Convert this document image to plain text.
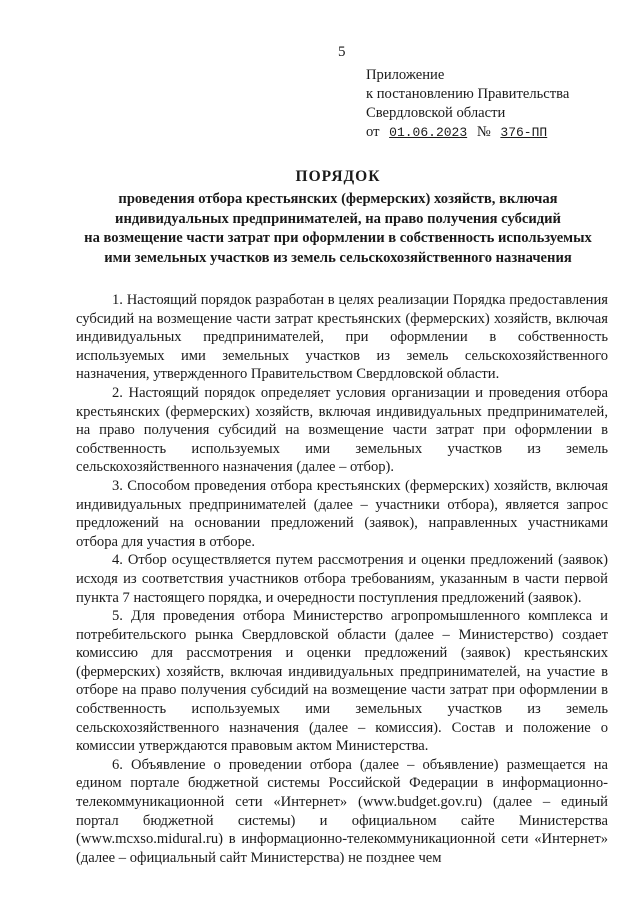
5
Приложение
к постановлению Правительства
Свердловской области
от 01.06.2023 № 376-ПП
ПОРЯДОК
проведения отбора крестьянских (фермерских) хозяйств, включая
индивидуальных предпринимателей, на право получения субсидий
на возмещение части затрат при оформлении в собственность используемых
ими земельных участков из земель сельскохозяйственного назначения

1. Настоящий порядок разработан в целях реализации Порядка предоставления субсидий на возмещение части затрат крестьянских (фермерских) хозяйств, включая индивидуальных предпринимателей, при оформлении в собственность используемых ими земельных участков из земель сельскохозяйственного назначения, утвержденного Правительством Свердловской области.

2. Настоящий порядок определяет условия организации и проведения отбора крестьянских (фермерских) хозяйств, включая индивидуальных предпринимателей, на право получения субсидий на возмещение части затрат при оформлении в собственность используемых ими земельных участков из земель сельскохозяйственного назначения (далее – отбор).

3. Способом проведения отбора крестьянских (фермерских) хозяйств, включая индивидуальных предпринимателей (далее – участники отбора), является запрос предложений на основании предложений (заявок), направленных участниками отбора для участия в отборе.

4. Отбор осуществляется путем рассмотрения и оценки предложений (заявок) исходя из соответствия участников отбора требованиям, указанным в части первой пункта 7 настоящего порядка, и очередности поступления предложений (заявок).

5. Для проведения отбора Министерство агропромышленного комплекса и потребительского рынка Свердловской области (далее – Министерство) создает комиссию для рассмотрения и оценки предложений (заявок) крестьянских (фермерских) хозяйств, включая индивидуальных предпринимателей, на участие в отборе на право получения субсидий на возмещение части затрат при оформлении в собственность используемых ими земельных участков из земель сельскохозяйственного назначения (далее – комиссия). Состав и положение о комиссии утверждаются правовым актом Министерства.

6. Объявление о проведении отбора (далее – объявление) размещается на едином портале бюджетной системы Российской Федерации в информационно-телекоммуникационной сети «Интернет» (www.budget.gov.ru) (далее – единый портал бюджетной системы) и официальном сайте Министерства (www.mcxso.midural.ru) в информационно-телекоммуникационной сети «Интернет» (далее – официальный сайт Министерства) не позднее чем
